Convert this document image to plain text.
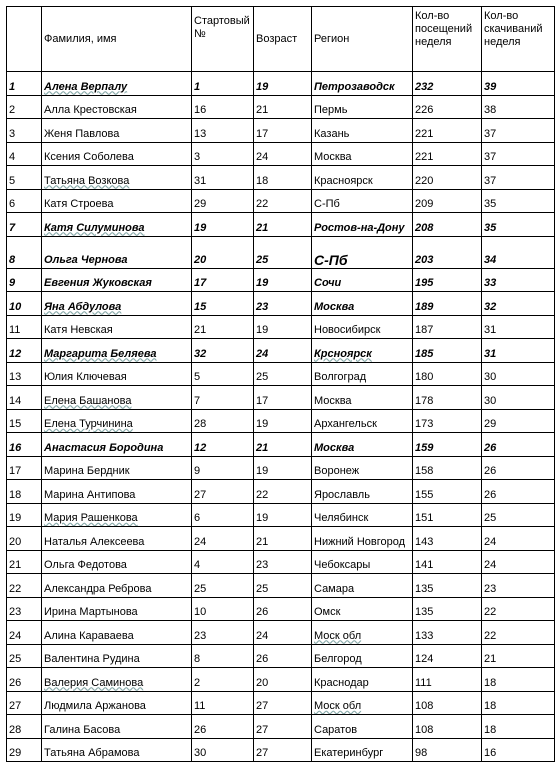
	Фамилия, имя	Стартовый №	Возраст	Регион	Кол-во посещений неделя	Кол-во скачиваний неделя
1	Алена Верпалу	1	19	Петрозаводск	232	39
2	Алла Крестовская	16	21	Пермь	226	38
3	Женя Павлова	13	17	Казань	221	37
4	Ксения Соболева	3	24	Москва	221	37
5	Татьяна Возкова	31	18	Красноярск	220	37
6	Катя Строева	29	22	С-Пб	209	35
7	Катя Силуминова	19	21	Ростов-на-Дону	208	35
8	Ольга Чернова	20	25	С-Пб	203	34
9	Евгения Жуковская	17	19	Сочи	195	33
10	Яна Абдулова	15	23	Москва	189	32
11	Катя Невская	21	19	Новосибирск	187	31
12	Маргарита Беляева	32	24	Крсноярск	185	31
13	Юлия Ключевая	5	25	Волгоград	180	30
14	Елена Башанова	7	17	Москва	178	30
15	Елена Турчинина	28	19	Архангельск	173	29
16	Анастасия Бородина	12	21	Москва	159	26
17	Марина Бердник	9	19	Воронеж	158	26
18	Марина Антипова	27	22	Ярославль	155	26
19	Мария Рашенкова	6	19	Челябинск	151	25
20	Наталья Алексеева	24	21	Нижний Новгород	143	24
21	Ольга Федотова	4	23	Чебоксары	141	24
22	Александра Реброва	25	25	Самара	135	23
23	Ирина Мартынова	10	26	Омск	135	22
24	Алина Караваева	23	24	Моск обл	133	22
25	Валентина Рудина	8	26	Белгород	124	21
26	Валерия Саминова	2	20	Краснодар	111	18
27	Людмила Аржанова	11	27	Моск обл	108	18
28	Галина Басова	26	27	Саратов	108	18
29	Татьяна Абрамова	30	27	Екатеринбург	98	16
